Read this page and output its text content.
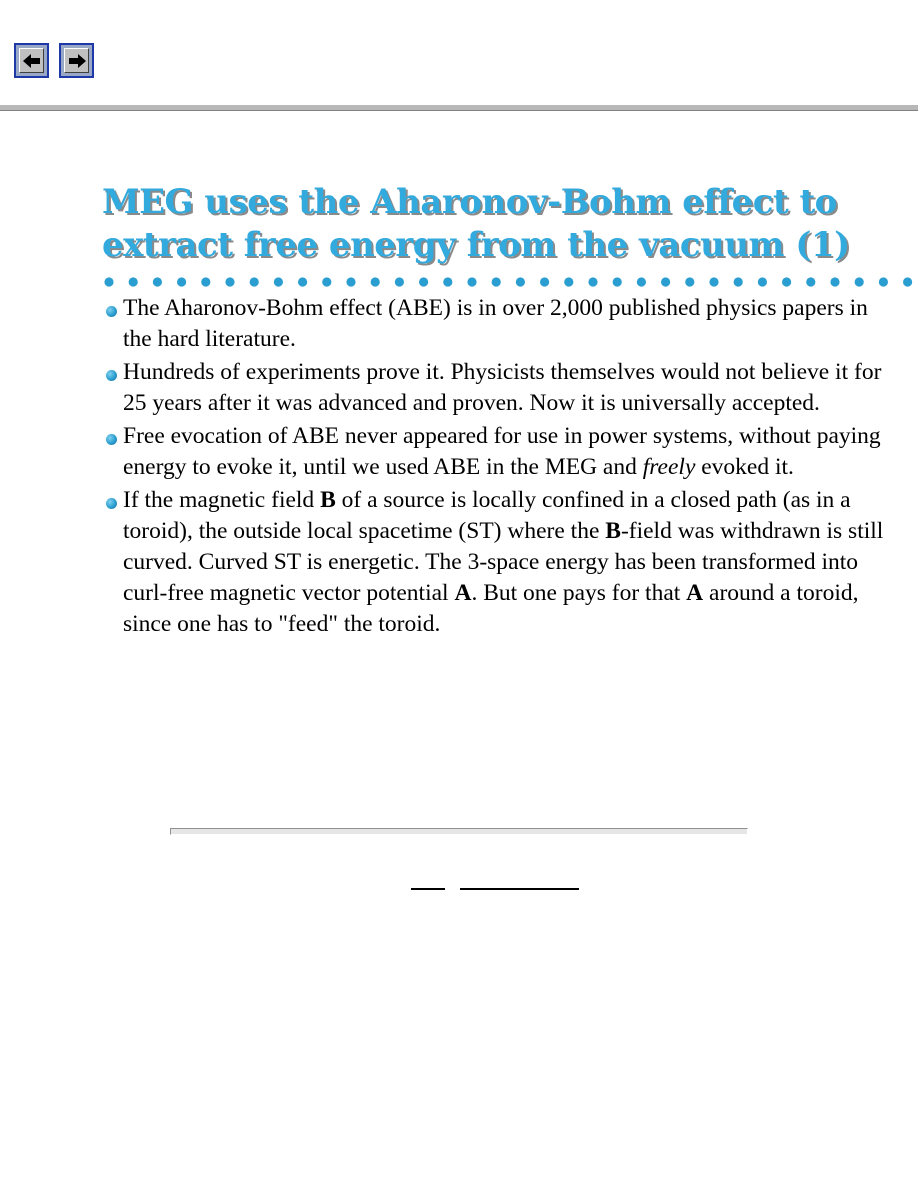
MEG uses the Aharonov-Bohm effect to extract free energy from the vacuum (1)
The Aharonov-Bohm effect (ABE) is in over 2,000 published physics papers in the hard literature.
Hundreds of experiments prove it. Physicists themselves would not believe it for 25 years after it was advanced and proven. Now it is universally accepted.
Free evocation of ABE never appeared for use in power systems, without paying energy to evoke it, until we used ABE in the MEG and freely evoked it.
If the magnetic field B of a source is locally confined in a closed path (as in a toroid), the outside local spacetime (ST) where the B-field was withdrawn is still curved. Curved ST is energetic. The 3-space energy has been transformed into curl-free magnetic vector potential A. But one pays for that A around a toroid, since one has to "feed" the toroid.
